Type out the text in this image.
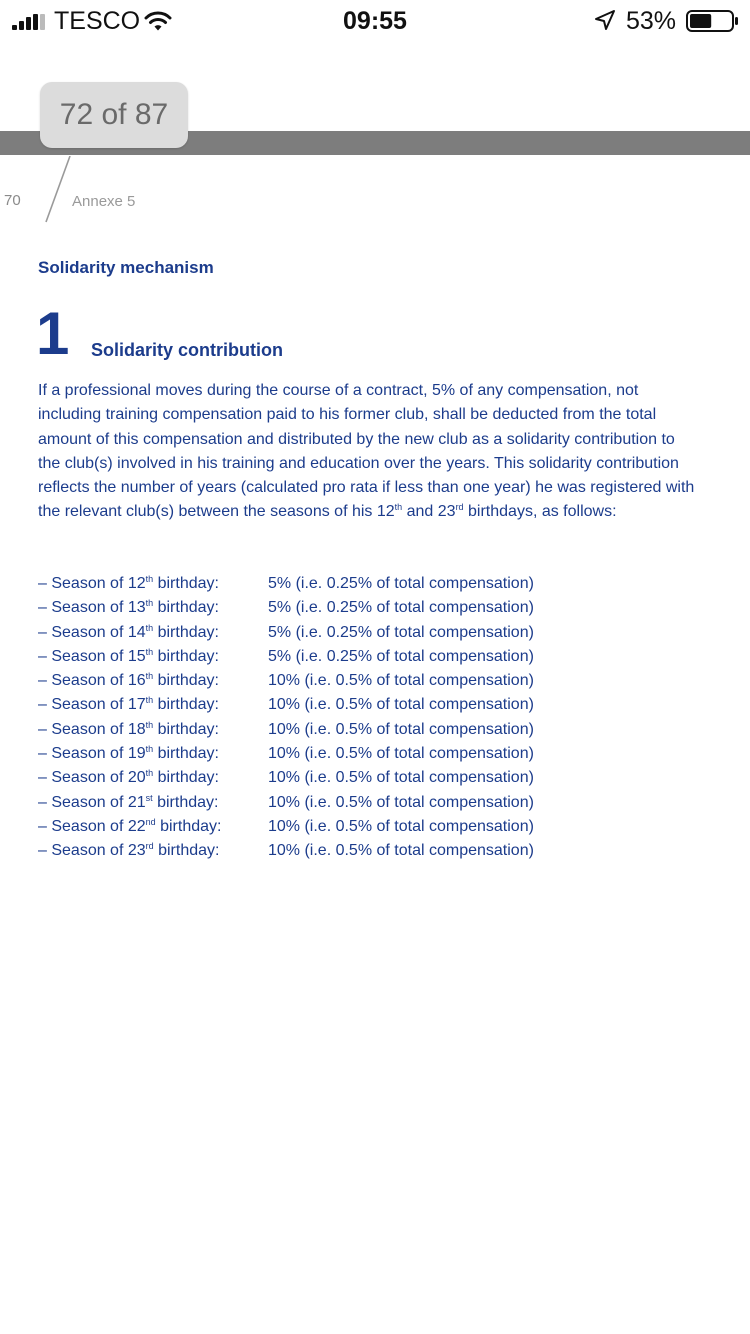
TESCO	09:55	53%
72 of 87
70	Annexe 5
Solidarity mechanism
1 Solidarity contribution

If a professional moves during the course of a contract, 5% of any compensation, not including training compensation paid to his former club, shall be deducted from the total amount of this compensation and distributed by the new club as a solidarity contribution to the club(s) involved in his training and education over the years. This solidarity contribution reflects the number of years (calculated pro rata if less than one year) he was registered with the relevant club(s) between the seasons of his 12th and 23rd birthdays, as follows:

– Season of 12th birthday:	5% (i.e. 0.25% of total compensation)
– Season of 13th birthday:	5% (i.e. 0.25% of total compensation)
– Season of 14th birthday:	5% (i.e. 0.25% of total compensation)
– Season of 15th birthday:	5% (i.e. 0.25% of total compensation)
– Season of 16th birthday:	10% (i.e. 0.5% of total compensation)
– Season of 17th birthday:	10% (i.e. 0.5% of total compensation)
– Season of 18th birthday:	10% (i.e. 0.5% of total compensation)
– Season of 19th birthday:	10% (i.e. 0.5% of total compensation)
– Season of 20th birthday:	10% (i.e. 0.5% of total compensation)
– Season of 21st birthday:	10% (i.e. 0.5% of total compensation)
– Season of 22nd birthday:	10% (i.e. 0.5% of total compensation)
– Season of 23rd birthday:	10% (i.e. 0.5% of total compensation)
